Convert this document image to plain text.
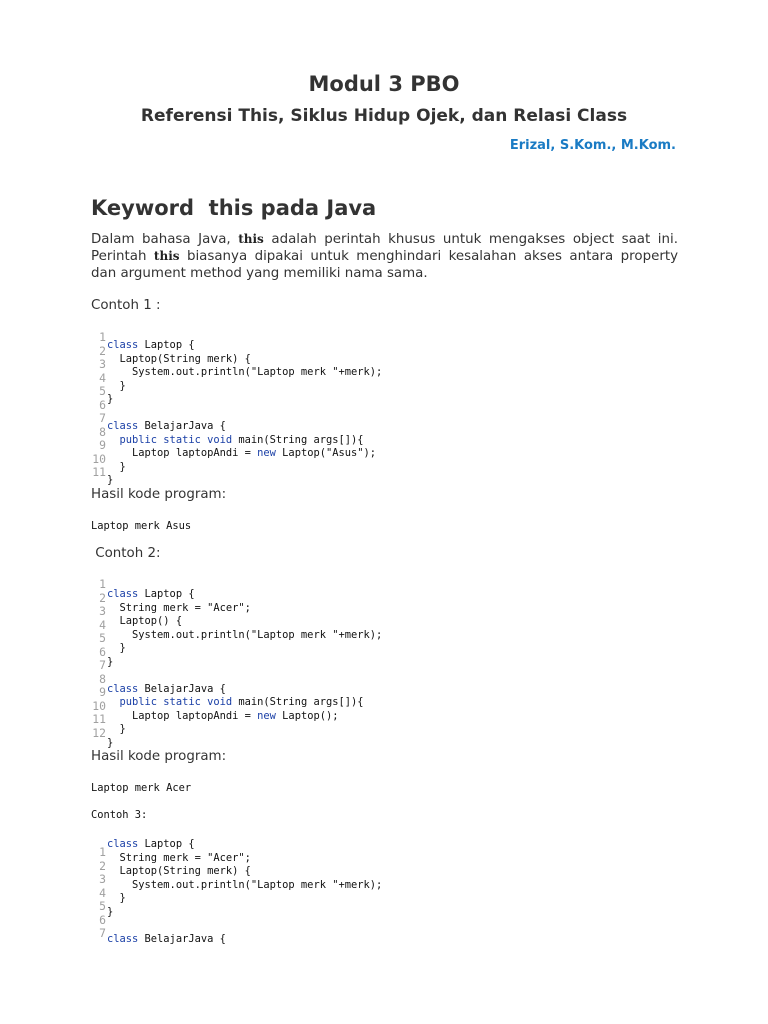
Modul 3 PBO
Referensi This, Siklus Hidup Ojek, dan Relasi Class
Erizal, S.Kom., M.Kom.
Keyword  this pada Java
Dalam bahasa Java, this adalah perintah khusus untuk mengakses object saat ini. Perintah this biasanya dipakai untuk menghindari kesalahan akses antara property dan argument method yang memiliki nama sama.
Contoh 1 :
1
2
3
4
5
6
7
8
9
10
11
class Laptop {
Laptop(String merk) {
System.out.println("Laptop merk "+merk);
}
}
class BelajarJava {
public static void main(String args[]){
Laptop laptopAndi = new Laptop("Asus");
}
}
Hasil kode program:
Laptop merk Asus
Contoh 2:
1
2
3
4
5
6
7
8
9
10
11
12
class Laptop {
String merk = "Acer";
Laptop() {
System.out.println("Laptop merk "+merk);
}
}
class BelajarJava {
public static void main(String args[]){
Laptop laptopAndi = new Laptop();
}
}
Hasil kode program:
Laptop merk Acer
Contoh 3:
1
2
3
4
5
6
7
class Laptop {
String merk = "Acer";
Laptop(String merk) {
System.out.println("Laptop merk "+merk);
}
}
class BelajarJava {
